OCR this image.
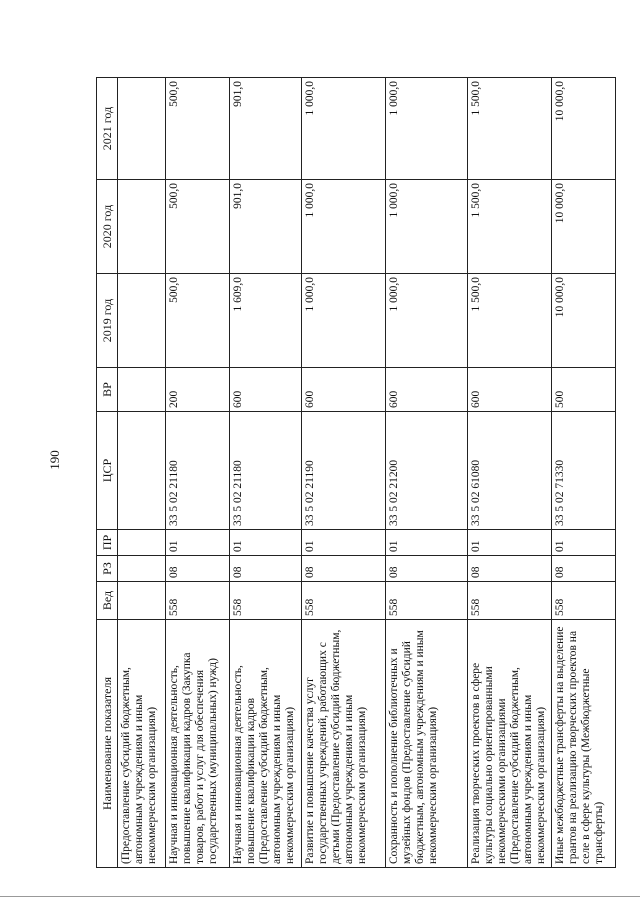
190
Наименование показателя	Вед	РЗ	ПР	ЦСР	ВР	2019 год	2020 год	2021 год
(Предоставление субсидий бюджетным, автономным учреждениям и иным некоммерческим организациям)								
Научная и инновационная деятельность, повышение квалификации кадров (Закупка товаров, работ и услуг для обеспечения государственных (муниципальных) нужд)	558	08	01	33 5 02 21180	200	500,0	500,0	500,0
Научная и инновационная деятельность, повышение квалификации кадров (Предоставление субсидий бюджетным, автономным учреждениям и иным некоммерческим организациям)	558	08	01	33 5 02 21180	600	1 609,0	901,0	901,0
Развитие и повышение качества услуг государственных учреждений, работающих с детьми (Предоставление субсидий бюджетным, автономным учреждениям и иным некоммерческим организациям)	558	08	01	33 5 02 21190	600	1 000,0	1 000,0	1 000,0
Сохранность и пополнение библиотечных и музейных фондов (Предоставление субсидий бюджетным, автономным учреждениям и иным некоммерческим организациям)	558	08	01	33 5 02 21200	600	1 000,0	1 000,0	1 000,0
Реализация творческих проектов в сфере культуры социально ориентированными некоммерческими организациями (Предоставление субсидий бюджетным, автономным учреждениям и иным некоммерческим организациям)	558	08	01	33 5 02 61080	600	1 500,0	1 500,0	1 500,0
Иные межбюджетные трансферты на выделение грантов на реализацию творческих проектов на селе в сфере культуры (Межбюджетные трансферты)	558	08	01	33 5 02 71330	500	10 000,0	10 000,0	10 000,0
